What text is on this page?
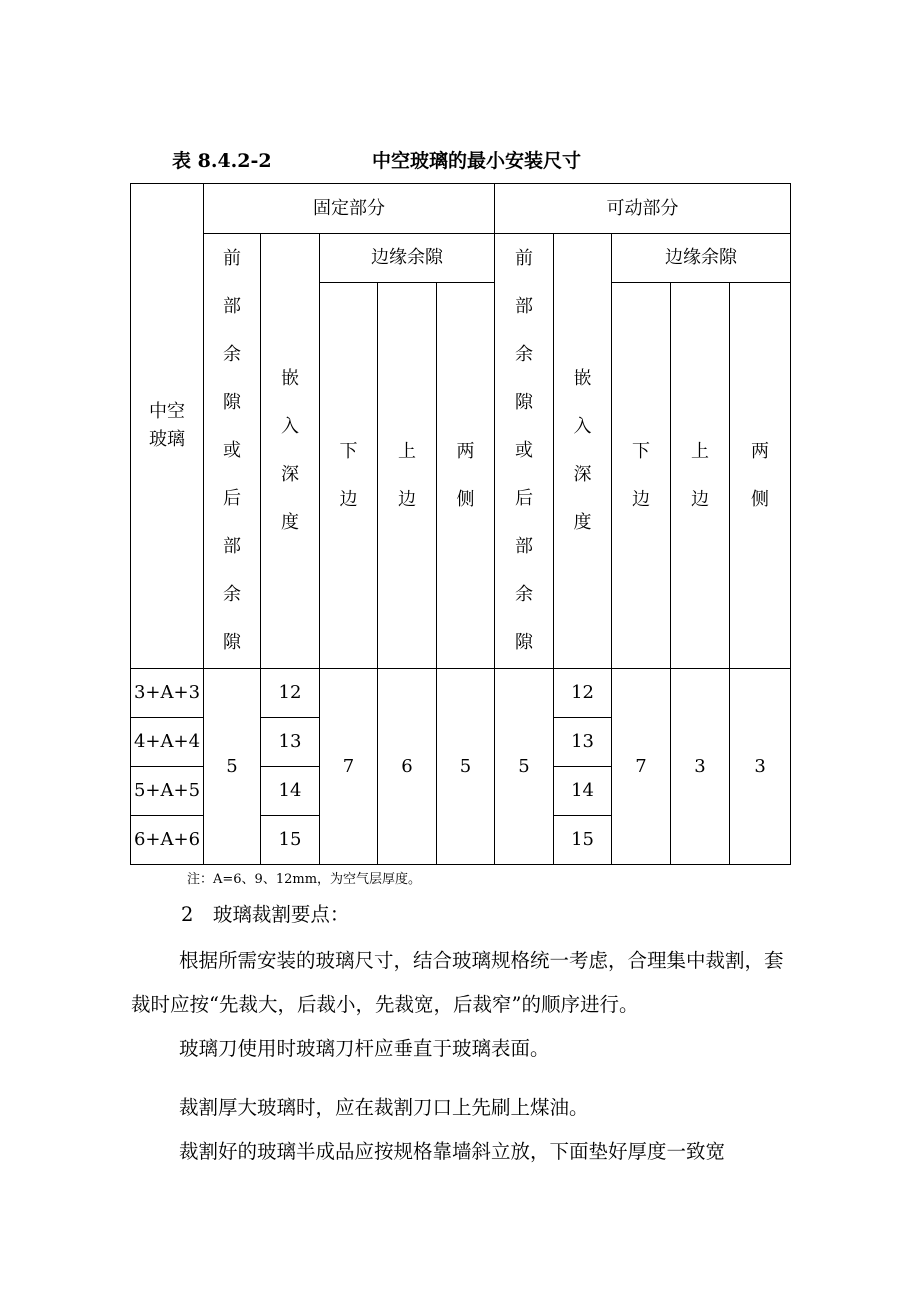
表 8.4.2-2	中空玻璃的最小安装尺寸
中空玻璃	固定部分					可动部分				
	前部余隙或后部余隙	嵌入深度	边缘余隙			前部余隙或后部余隙	嵌入深度	边缘余隙		
			下边	上边	两侧			下边	上边	两侧
3+A+3	5	12	7	6	5	5	12	7	3	3
4+A+4		13					13			
5+A+5		14					14			
6+A+6		15					15			
注：A=6、9、12mm，为空气层厚度。
2　玻璃裁割要点：
根据所需安装的玻璃尺寸，结合玻璃规格统一考虑，合理集中裁割，套裁时应按“先裁大，后裁小，先裁宽，后裁窄”的顺序进行。
玻璃刀使用时玻璃刀杆应垂直于玻璃表面。
裁割厚大玻璃时，应在裁割刀口上先刷上煤油。
裁割好的玻璃半成品应按规格靠墙斜立放，下面垫好厚度一致宽
